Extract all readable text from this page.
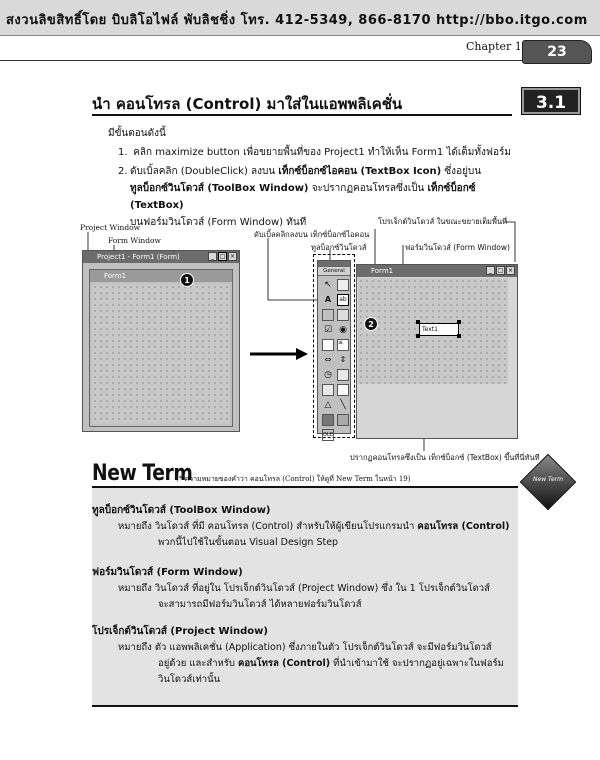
สงวนลิขสิทธิ์โดย บิบลิโอไฟล์ พับลิชชิ่ง โทร. 412-5349, 866-8170 http://bbo.itgo.com
Chapter 1	23
นำ คอนโทรล (Control) มาใส่ในแอพพลิเคชั่น	3.1
มีขั้นตอนดังนี้
1. คลิก maximize button เพื่อขยายพื้นที่ของ Project1 ทำให้เห็น Form1 ได้เต็มทั้งฟอร์ม
2. ดับเบิ้ลคลิก (DoubleClick) ลงบน เท็กซ์บ็อกซ์ไอคอน (TextBox Icon) ซึ่งอยู่บน
ทูลบ็อกซ์วินโดวส์ (ToolBox Window) จะปรากฏคอนโทรลซึ่งเป็น เท็กซ์บ็อกซ์ (TextBox)
บนฟอร์มวินโดวส์ (Form Window) ทันที
Project Window
Form Window
Project1 - Form1 (Form)	_ □ ×
Form1	1
ดับเบิ้ลคลิกลงบน เท็กซ์บ็อกซ์ไอคอน
ทูลบ็อกซ์วินโดวส์
โปรเจ็กต์วินโดวส์ ในขณะขยายเต็มพื้นที่
ฟอร์มวินโดวส์ (Form Window)
General
↖
A	ab
☑ ◉
≡
⇔	⇕
◷
△ ╲
OLE
Form1	_ □ ×
Text1
2
ปรากฏคอนโทรลซึ่งเป็น เท็กซ์บ็อกซ์ (TextBox) ขึ้นที่นี่ทันที
New Term
(* ความหมายของคำว่า คอนโทรล (Control) ให้ดูที่ New Term ในหน้า 19)	New Term
ทูลบ็อกซ์วินโดวส์ (ToolBox Window)
หมายถึง วินโดวส์ ที่มี คอนโทรล (Control) สำหรับให้ผู้เขียนโปรแกรมนำ คอนโทรล (Control)
พวกนี้ไปใช้ในขั้นตอน Visual Design Step
ฟอร์มวินโดวส์ (Form Window)
หมายถึง วินโดวส์ ที่อยู่ใน โปรเจ็กต์วินโดวส์ (Project Window) ซึ่ง ใน 1 โปรเจ็กต์วินโดวส์
จะสามารถมีฟอร์มวินโดวส์ ได้หลายฟอร์มวินโดวส์
โปรเจ็กต์วินโดวส์ (Project Window)
หมายถึง ตัว แอพพลิเคชั่น (Application) ซึ่งภายในตัว โปรเจ็กต์วินโดวส์ จะมีฟอร์มวินโดวส์
อยู่ด้วย และสำหรับ คอนโทรล (Control) ที่นำเข้ามาใช้ จะปรากฏอยู่เฉพาะในฟอร์ม
วินโดวส์เท่านั้น
